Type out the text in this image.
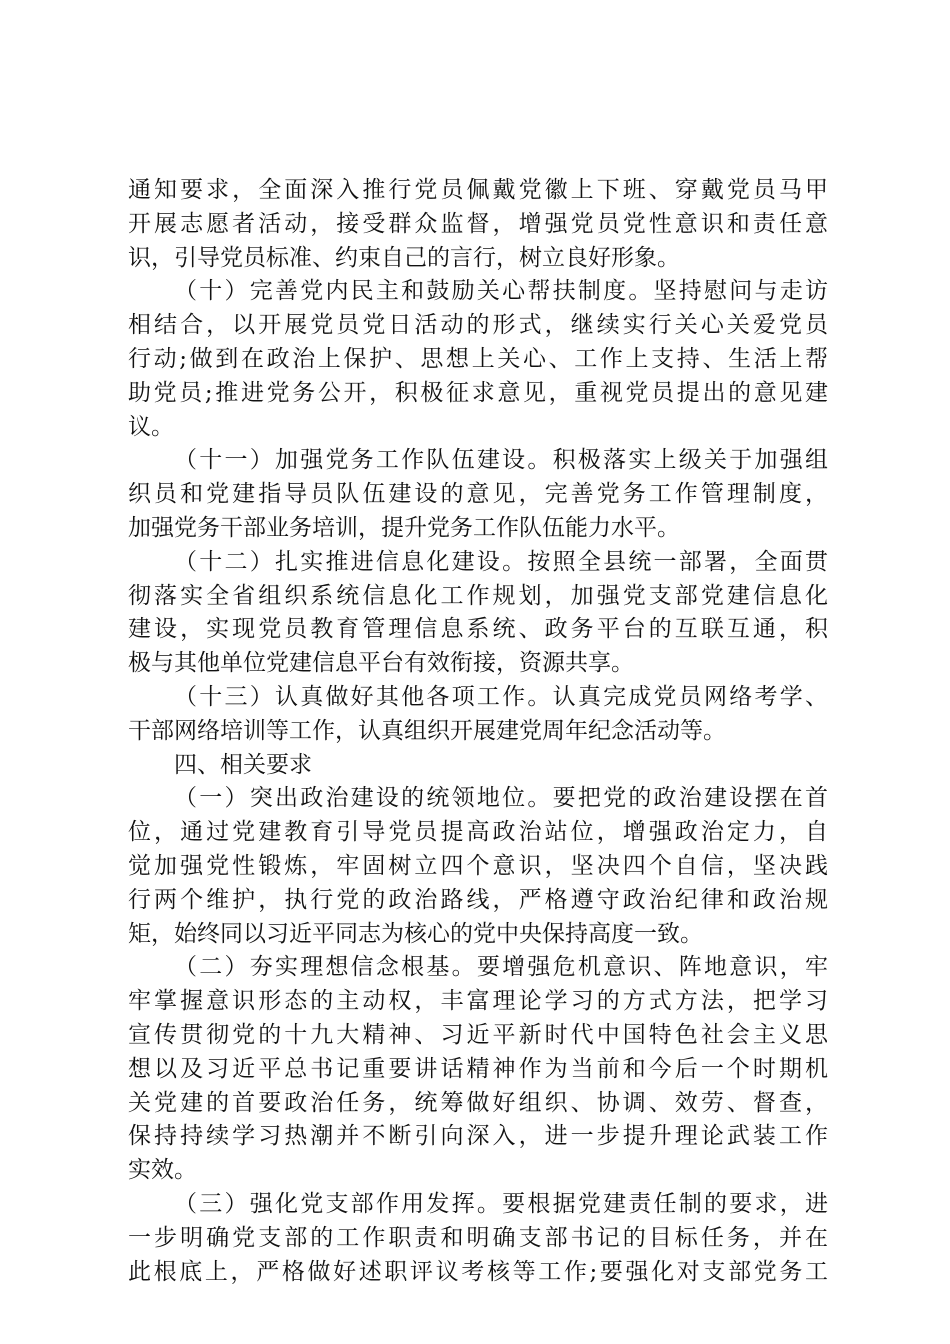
通知要求，全面深入推行党员佩戴党徽上下班、穿戴党员马甲
开展志愿者活动，接受群众监督，增强党员党性意识和责任意
识，引导党员标准、约束自己的言行，树立良好形象。
（十）完善党内民主和鼓励关心帮扶制度。坚持慰问与走访
相结合，以开展党员党日活动的形式，继续实行关心关爱党员
行动;做到在政治上保护、思想上关心、工作上支持、生活上帮
助党员;推进党务公开，积极征求意见，重视党员提出的意见建
议。
（十一）加强党务工作队伍建设。积极落实上级关于加强组
织员和党建指导员队伍建设的意见，完善党务工作管理制度，
加强党务干部业务培训，提升党务工作队伍能力水平。
（十二）扎实推进信息化建设。按照全县统一部署，全面贯
彻落实全省组织系统信息化工作规划，加强党支部党建信息化
建设，实现党员教育管理信息系统、政务平台的互联互通，积
极与其他单位党建信息平台有效衔接，资源共享。
（十三）认真做好其他各项工作。认真完成党员网络考学、
干部网络培训等工作，认真组织开展建党周年纪念活动等。
四、相关要求
（一）突出政治建设的统领地位。要把党的政治建设摆在首
位，通过党建教育引导党员提高政治站位，增强政治定力，自
觉加强党性锻炼，牢固树立四个意识，坚决四个自信，坚决践
行两个维护，执行党的政治路线，严格遵守政治纪律和政治规
矩，始终同以习近平同志为核心的党中央保持高度一致。
（二）夯实理想信念根基。要增强危机意识、阵地意识，牢
牢掌握意识形态的主动权，丰富理论学习的方式方法，把学习
宣传贯彻党的十九大精神、习近平新时代中国特色社会主义思
想以及习近平总书记重要讲话精神作为当前和今后一个时期机
关党建的首要政治任务，统筹做好组织、协调、效劳、督查，
保持持续学习热潮并不断引向深入，进一步提升理论武装工作
实效。
（三）强化党支部作用发挥。要根据党建责任制的要求，进
一步明确党支部的工作职责和明确支部书记的目标任务，并在
此根底上，严格做好述职评议考核等工作;要强化对支部党务工
